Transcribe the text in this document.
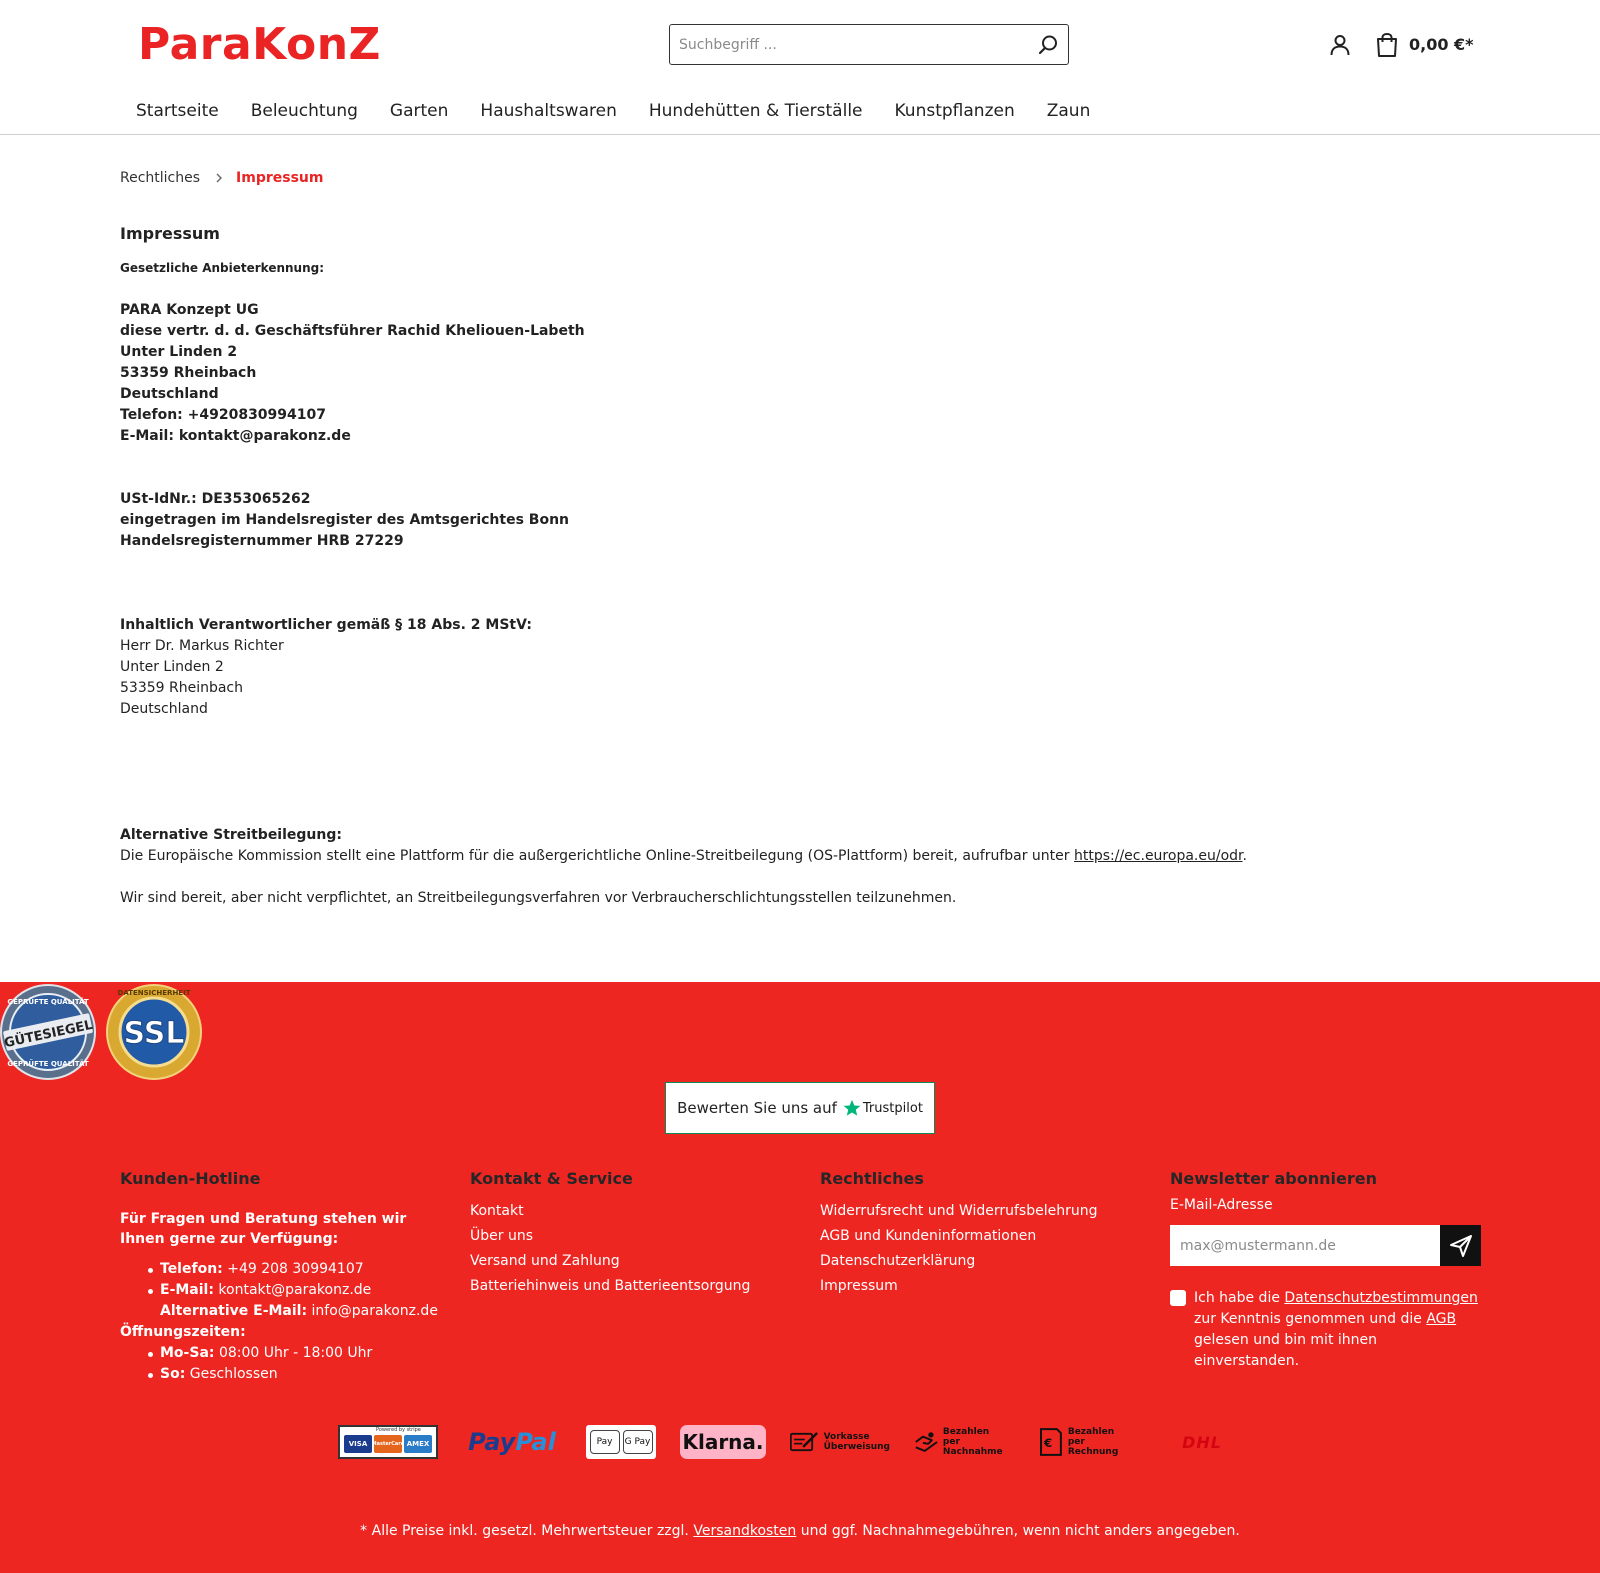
ParaKonZ
Suchbegriff ...	0,00 €*
Startseite Beleuchtung Garten Haushaltswaren Hundehütten & Tierställe Kunstpflanzen Zaun
Rechtliches	Impressum
Impressum
Gesetzliche Anbieterkennung:
PARA Konzept UG
diese vertr. d. d. Geschäftsführer Rachid Kheliouen-Labeth
Unter Linden 2
53359 Rheinbach
Deutschland
Telefon: +4920830994107
E-Mail: kontakt@parakonz.de
USt-IdNr.: DE353065262
eingetragen im Handelsregister des Amtsgerichtes Bonn
Handelsregisternummer HRB 27229
Inhaltlich Verantwortlicher gemäß § 18 Abs. 2 MStV:
Herr Dr. Markus Richter
Unter Linden 2
53359 Rheinbach
Deutschland
Alternative Streitbeilegung:
Die Europäische Kommission stellt eine Plattform für die außergerichtliche Online-Streitbeilegung (OS-Plattform) bereit, aufrufbar unter https://ec.europa.eu/odr.
Wir sind bereit, aber nicht verpflichtet, an Streitbeilegungsverfahren vor Verbraucherschlichtungsstellen teilzunehmen.
GÜTESIEGEL
GEPRÜFTE QUALITÄT
GEPRÜFTE QUALITÄT
SSL
DATENSICHERHEIT
Bewerten Sie uns auf Trustpilot
Kunden-Hotline
Für Fragen und Beratung stehen wir Ihnen gerne zur Verfügung:
Telefon: +49 208 30994107
E-Mail: kontakt@parakonz.de
Alternative E-Mail: info@parakonz.de
Öffnungszeiten:
Mo-Sa: 08:00 Uhr - 18:00 Uhr
So: Geschlossen
Kontakt & Service
Kontakt
Über uns
Versand und Zahlung
Batteriehinweis und Batterieentsorgung
Rechtliches
Widerrufsrecht und Widerrufsbelehrung
AGB und Kundeninformationen
Datenschutzerklärung
Impressum
Newsletter abonnieren
E-Mail-Adresse
max@mustermann.de
Ich habe die Datenschutzbestimmungen zur Kenntnis genommen und die AGB gelesen und bin mit ihnen einverstanden.
Powered by stripe
VISA MasterCard AMEX Pay Pal	Pay	G Pay Klarna.	Vorkasse
Überweisung
Bezahlen
per Nachnahme
€
Bezahlen
per Rechnung
DHL
* Alle Preise inkl. gesetzl. Mehrwertsteuer zzgl. Versandkosten und ggf. Nachnahmegebühren, wenn nicht anders angegeben.
